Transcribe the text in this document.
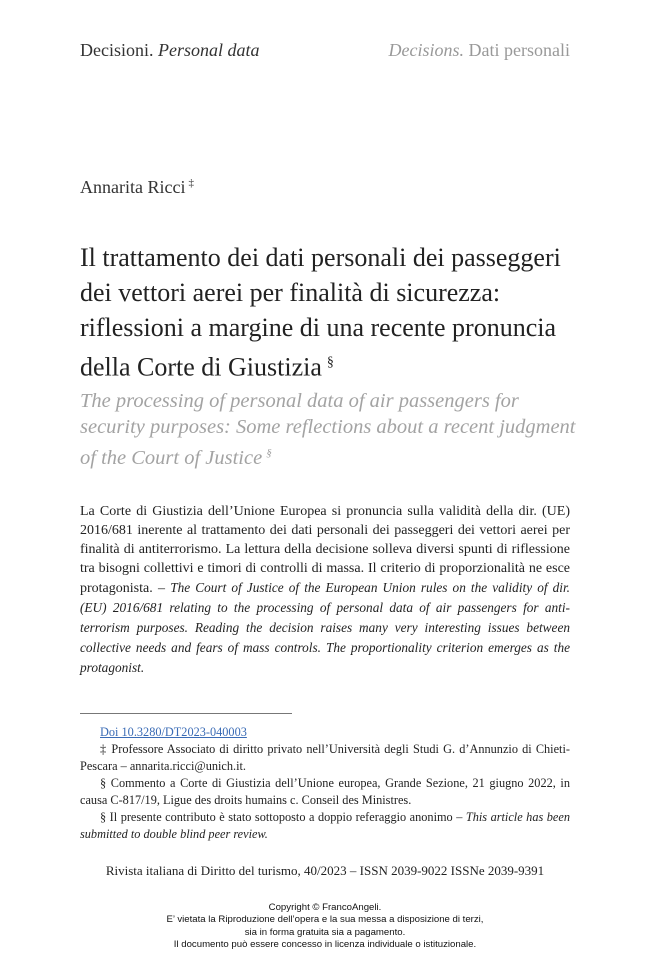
Decisioni. Personal data	Decisions. Dati personali
Annarita Ricci ‡
Il trattamento dei dati personali dei passeggeri dei vettori aerei per finalità di sicurezza: riflessioni a margine di una recente pronuncia della Corte di Giustizia §
The processing of personal data of air passengers for security purposes: Some reflections about a recent judgment of the Court of Justice §
La Corte di Giustizia dell’Unione Europea si pronuncia sulla validità della dir. (UE) 2016/681 inerente al trattamento dei dati personali dei passeggeri dei vettori aerei per finalità di antiterrorismo. La lettura della decisione solleva diversi spunti di riflessione tra bisogni collettivi e timori di controlli di massa. Il criterio di proporzionalità ne esce protagonista. – The Court of Justice of the European Union rules on the validity of dir. (EU) 2016/681 relating to the processing of personal data of air passengers for anti-terrorism purposes. Reading the decision raises many very interesting issues between collective needs and fears of mass controls. The proportionality criterion emerges as the protagonist.

Doi 10.3280/DT2023-040003

‡ Professore Associato di diritto privato nell’Università degli Studi G. d’Annunzio di Chieti-Pescara – annarita.ricci@unich.it.

§ Commento a Corte di Giustizia dell’Unione europea, Grande Sezione, 21 giugno 2022, in causa C-817/19, Ligue des droits humains c. Conseil des Ministres.

§ Il presente contributo è stato sottoposto a doppio referaggio anonimo – This article has been submitted to double blind peer review.

Rivista italiana di Diritto del turismo, 40/2023 – ISSN 2039-9022 ISSNe 2039-9391
Copyright © FrancoAngeli.
E’ vietata la Riproduzione dell’opera e la sua messa a disposizione di terzi,
sia in forma gratuita sia a pagamento.
Il documento può essere concesso in licenza individuale o istituzionale.
